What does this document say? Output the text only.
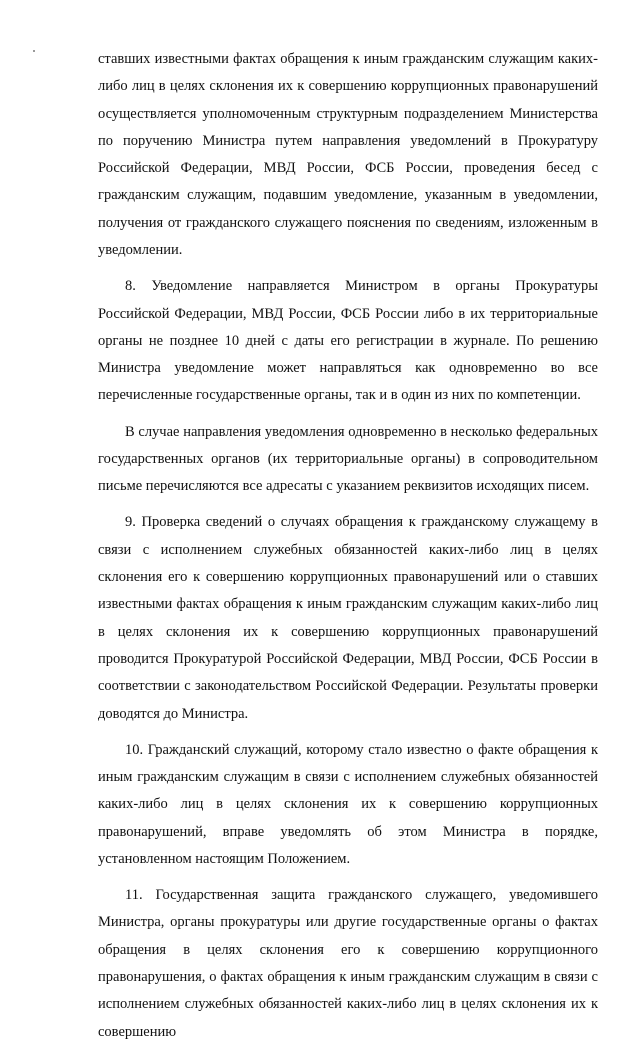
ставших известными фактах обращения к иным гражданским служащим каких-либо лиц в целях склонения их к совершению коррупционных правонарушений осуществляется уполномоченным структурным подразделением Министерства по поручению Министра путем направления уведомлений в Прокуратуру Российской Федерации, МВД России, ФСБ России, проведения бесед с гражданским служащим, подавшим уведомление, указанным в уведомлении, получения от гражданского служащего пояснения по сведениям, изложенным в уведомлении.

8. Уведомление направляется Министром в органы Прокуратуры Российской Федерации, МВД России, ФСБ России либо в их территориальные органы не позднее 10 дней с даты его регистрации в журнале. По решению Министра уведомление может направляться как одновременно во все перечисленные государственные органы, так и в один из них по компетенции.

В случае направления уведомления одновременно в несколько федеральных государственных органов (их территориальные органы) в сопроводительном письме перечисляются все адресаты с указанием реквизитов исходящих писем.

9. Проверка сведений о случаях обращения к гражданскому служащему в связи с исполнением служебных обязанностей каких-либо лиц в целях склонения его к совершению коррупционных правонарушений или о ставших известными фактах обращения к иным гражданским служащим каких-либо лиц в целях склонения их к совершению коррупционных правонарушений проводится Прокуратурой Российской Федерации, МВД России, ФСБ России в соответствии с законодательством Российской Федерации. Результаты проверки доводятся до Министра.

10. Гражданский служащий, которому стало известно о факте обращения к иным гражданским служащим в связи с исполнением служебных обязанностей каких-либо лиц в целях склонения их к совершению коррупционных правонарушений, вправе уведомлять об этом Министра в порядке, установленном настоящим Положением.

11. Государственная защита гражданского служащего, уведомившего Министра, органы прокуратуры или другие государственные органы о фактах обращения в целях склонения его к совершению коррупционного правонарушения, о фактах обращения к иным гражданским служащим в связи с исполнением служебных обязанностей каких-либо лиц в целях склонения их к совершению
